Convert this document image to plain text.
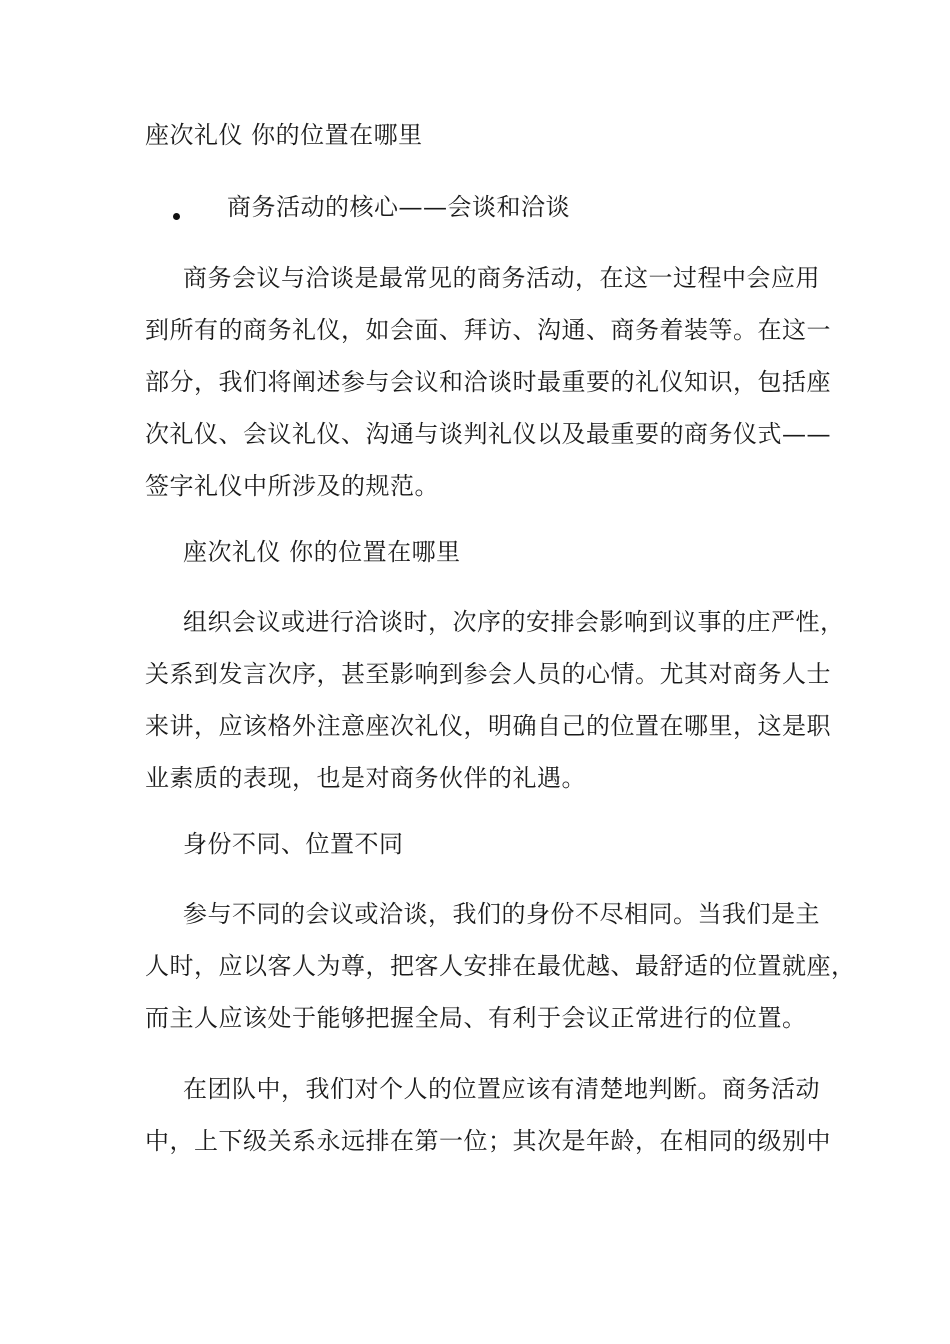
座次礼仪 你的位置在哪里
商务活动的核心——会谈和洽谈
商务会议与洽谈是最常见的商务活动，在这一过程中会应用
到所有的商务礼仪，如会面、拜访、沟通、商务着装等。在这一
部分，我们将阐述参与会议和洽谈时最重要的礼仪知识，包括座
次礼仪、会议礼仪、沟通与谈判礼仪以及最重要的商务仪式——
签字礼仪中所涉及的规范。
座次礼仪 你的位置在哪里
组织会议或进行洽谈时，次序的安排会影响到议事的庄严性，
关系到发言次序，甚至影响到参会人员的心情。尤其对商务人士
来讲，应该格外注意座次礼仪，明确自己的位置在哪里，这是职
业素质的表现，也是对商务伙伴的礼遇。
身份不同、位置不同
参与不同的会议或洽谈，我们的身份不尽相同。当我们是主
人时，应以客人为尊，把客人安排在最优越、最舒适的位置就座，
而主人应该处于能够把握全局、有利于会议正常进行的位置。
在团队中，我们对个人的位置应该有清楚地判断。商务活动
中，上下级关系永远排在第一位；其次是年龄，在相同的级别中
